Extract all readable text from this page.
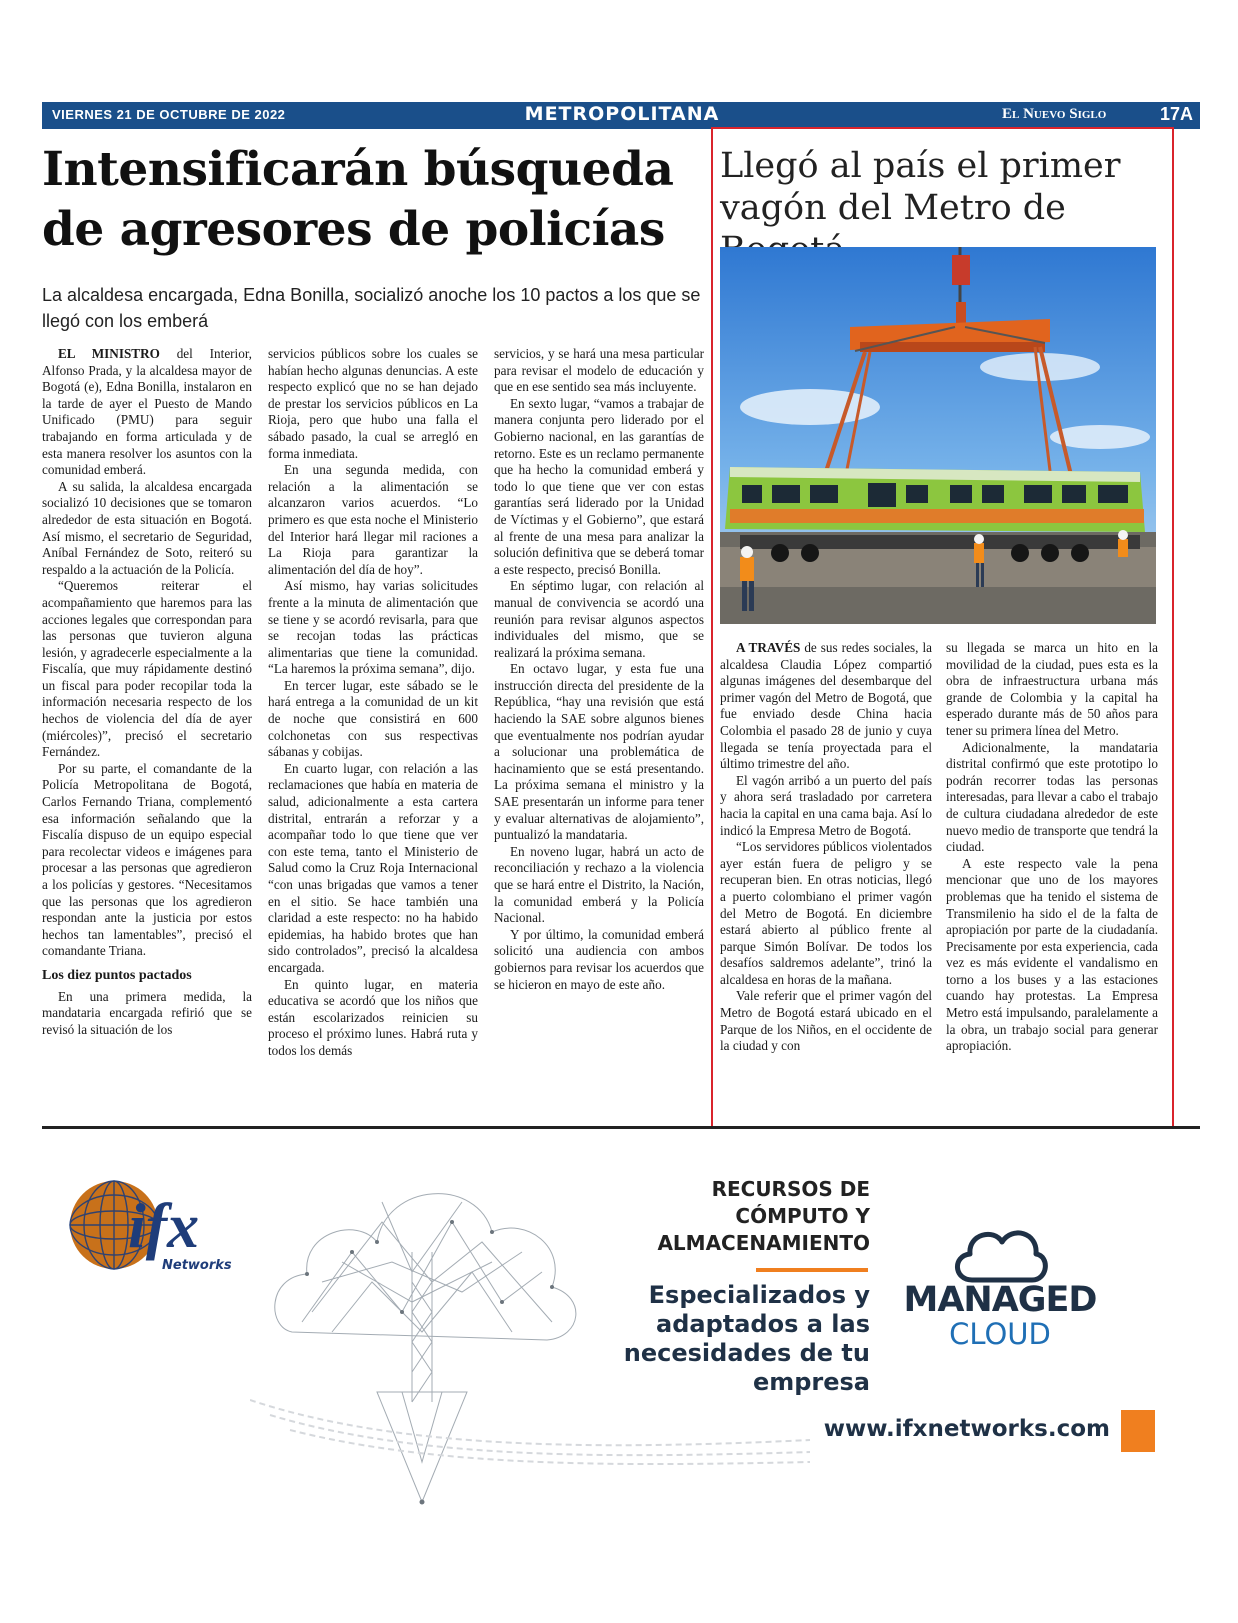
VIERNES 21 DE OCTUBRE DE 2022	METROPOLITANA	El Nuevo Siglo	17A
Intensificarán búsqueda de agresores de policías
La alcaldesa encargada, Edna Bonilla, socializó anoche los 10 pactos a los que se llegó con los emberá

EL MINISTRO del Interior, Alfonso Prada, y la alcaldesa mayor de Bogotá (e), Edna Bonilla, instalaron en la tarde de ayer el Puesto de Mando Unificado (PMU) para seguir trabajando en forma articulada y de esta manera resolver los asuntos con la comunidad emberá.

A su salida, la alcaldesa encargada socializó 10 decisiones que se tomaron alrededor de esta situación en Bogotá. Así mismo, el secretario de Seguridad, Aníbal Fernández de Soto, reiteró su respaldo a la actuación de la Policía.

“Queremos reiterar el acompañamiento que haremos para las acciones legales que correspondan para las personas que tuvieron alguna lesión, y agradecerle especialmente a la Fiscalía, que muy rápidamente destinó un fiscal para poder recopilar toda la información necesaria respecto de los hechos de violencia del día de ayer (miércoles)”, precisó el secretario Fernández.

Por su parte, el comandante de la Policía Metropolitana de Bogotá, Carlos Fernando Triana, complementó esa información señalando que la Fiscalía dispuso de un equipo especial para recolectar videos e imágenes para procesar a las personas que agredieron a los policías y gestores. “Necesitamos que las personas que los agredieron respondan ante la justicia por estos hechos tan lamentables”, precisó el comandante Triana.

Los diez puntos pactados

En una primera medida, la mandataria encargada refirió que se revisó la situación de los

servicios públicos sobre los cuales se habían hecho algunas denuncias. A este respecto explicó que no se han dejado de prestar los servicios públicos en La Rioja, pero que hubo una falla el sábado pasado, la cual se arregló en forma inmediata.

En una segunda medida, con relación a la alimentación se alcanzaron varios acuerdos. “Lo primero es que esta noche el Ministerio del Interior hará llegar mil raciones a La Rioja para garantizar la alimentación del día de hoy”.

Así mismo, hay varias solicitudes frente a la minuta de alimentación que se tiene y se acordó revisarla, para que se recojan todas las prácticas alimentarias que tiene la comunidad. “La haremos la próxima semana”, dijo.

En tercer lugar, este sábado se le hará entrega a la comunidad de un kit de noche que consistirá en 600 colchonetas con sus respectivas sábanas y cobijas.

En cuarto lugar, con relación a las reclamaciones que había en materia de salud, adicionalmente a esta cartera distrital, entrarán a reforzar y a acompañar todo lo que tiene que ver con este tema, tanto el Ministerio de Salud como la Cruz Roja Internacional “con unas brigadas que vamos a tener en el sitio. Se hace también una claridad a este respecto: no ha habido epidemias, ha habido brotes que han sido controlados”, precisó la alcaldesa encargada.

En quinto lugar, en materia educativa se acordó que los niños que están escolarizados reinicien su proceso el próximo lunes. Habrá ruta y todos los demás

servicios, y se hará una mesa particular para revisar el modelo de educación y que en ese sentido sea más incluyente.

En sexto lugar, “vamos a trabajar de manera conjunta pero liderado por el Gobierno nacional, en las garantías de retorno. Este es un reclamo permanente que ha hecho la comunidad emberá y todo lo que tiene que ver con estas garantías será liderado por la Unidad de Víctimas y el Gobierno”, que estará al frente de una mesa para analizar la solución definitiva que se deberá tomar a este respecto, precisó Bonilla.

En séptimo lugar, con relación al manual de convivencia se acordó una reunión para revisar algunos aspectos individuales del mismo, que se realizará la próxima semana.

En octavo lugar, y esta fue una instrucción directa del presidente de la República, “hay una revisión que está haciendo la SAE sobre algunos bienes que eventualmente nos podrían ayudar a solucionar una problemática de hacinamiento que se está presentando. La próxima semana el ministro y la SAE presentarán un informe para tener y evaluar alternativas de alojamiento”, puntualizó la mandataria.

En noveno lugar, habrá un acto de reconciliación y rechazo a la violencia que se hará entre el Distrito, la Nación, la comunidad emberá y la Policía Nacional.

Y por último, la comunidad emberá solicitó una audiencia con ambos gobiernos para revisar los acuerdos que se hicieron en mayo de este año.

Llegó al país el primer vagón del Metro de

A TRAVÉS de sus redes sociales, la alcaldesa Claudia López compartió algunas imágenes del desembarque del primer vagón del Metro de Bogotá, que fue enviado desde China hacia Colombia el pasado 28 de junio y cuya llegada se tenía proyectada para el último trimestre del año.

El vagón arribó a un puerto del país y ahora será trasladado por carretera hacia la capital en una cama baja. Así lo indicó la Empresa Metro de Bogotá.

“Los servidores públicos violentados ayer están fuera de peligro y se recuperan bien. En otras noticias, llegó a puerto colombiano el primer vagón del Metro de Bogotá. En diciembre estará abierto al público frente al parque Simón Bolívar. De todos los desafíos saldremos adelante”, trinó la alcaldesa en horas de la mañana.

Vale referir que el primer vagón del Metro de Bogotá estará ubicado en el Parque de los Niños, en el occidente de la ciudad y con

su llegada se marca un hito en la movilidad de la ciudad, pues esta es la obra de infraestructura urbana más grande de Colombia y la capital ha esperado durante más de 50 años para tener su primera línea del Metro.

Adicionalmente, la mandataria distrital confirmó que este prototipo lo podrán recorrer todas las personas interesadas, para llevar a cabo el trabajo de cultura ciudadana alrededor de este nuevo medio de transporte que tendrá la ciudad.

A este respecto vale la pena mencionar que uno de los mayores problemas que ha tenido el sistema de Transmilenio ha sido el de la falta de apropiación por parte de la ciudadanía. Precisamente por esta experiencia, cada vez es más evidente el vandalismo en torno a los buses y a las estaciones cuando hay protestas. La Empresa Metro está impulsando, paralelamente a la obra, un trabajo social para generar apropiación.

ifx
Networks
RECURSOS DE
CÓMPUTO Y
ALMACENAMIENTO
Especializados y
adaptados a las
necesidades de tu
empresa
MANAGED
CLOUD
www.ifxnetworks.com
